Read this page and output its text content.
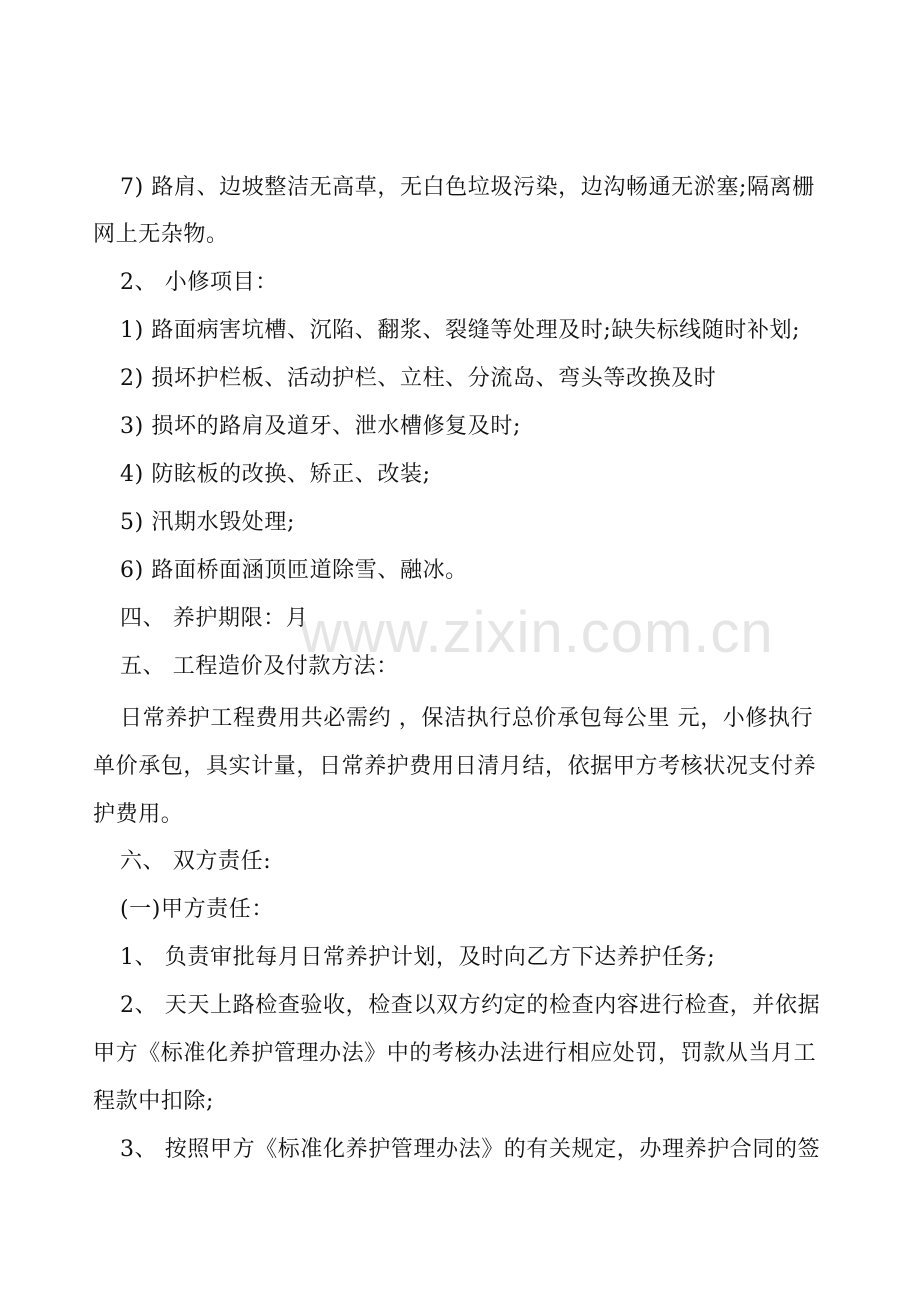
7) 路肩、边坡整洁无高草，无白色垃圾污染，边沟畅通无淤塞;隔离栅
网上无杂物。
2、 小修项目：
1) 路面病害坑槽、沉陷、翻浆、裂缝等处理及时;缺失标线随时补划;
2) 损坏护栏板、活动护栏、立柱、分流岛、弯头等改换及时
3) 损坏的路肩及道牙、泄水槽修复及时;
4) 防眩板的改换、矫正、改装;
5) 汛期水毁处理;
6) 路面桥面涵顶匝道除雪、融冰。
四、 养护期限：月
五、 工程造价及付款方法：
日常养护工程费用共必需约 ，保洁执行总价承包每公里 元，小修执行
单价承包，具实计量，日常养护费用日清月结，依据甲方考核状况支付养
护费用。
六、 双方责任:
(一)甲方责任：
1、 负责审批每月日常养护计划，及时向乙方下达养护任务;
2、 天天上路检查验收，检查以双方约定的检查内容进行检查，并依据
甲方《标准化养护管理办法》中的考核办法进行相应处罚，罚款从当月工
程款中扣除;
3、 按照甲方《标准化养护管理办法》的有关规定，办理养护合同的签
www.zixin.com.cn
